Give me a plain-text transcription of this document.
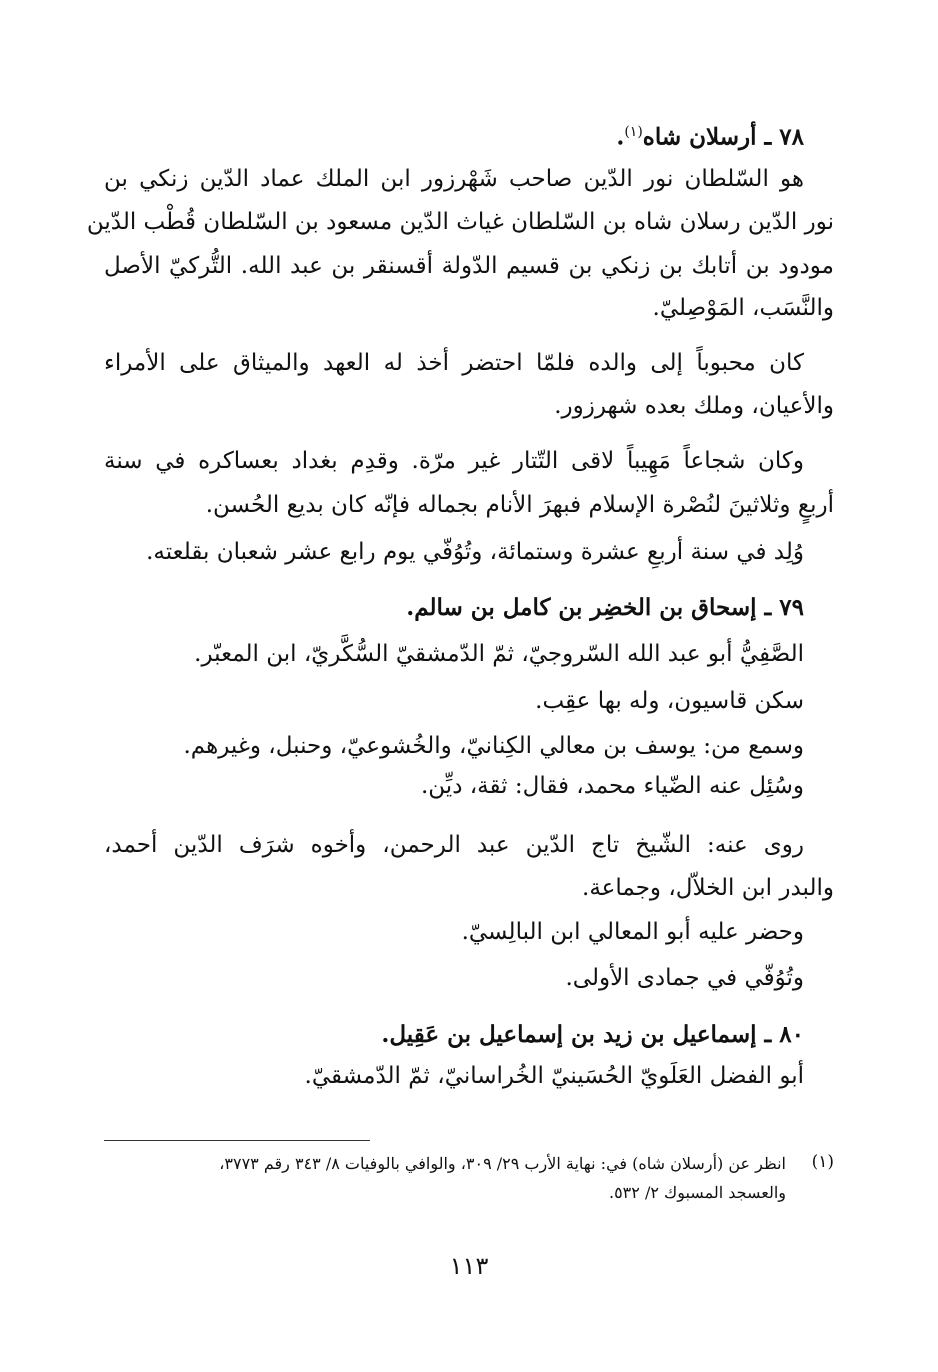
٧٨ ـ أرسلان شاه$^{(١)}$.
هو السّلطان نور الدّين صاحب شَهْرزور ابن الملك عماد الدّين زنكي بن
نور الدّين رسلان شاه بن السّلطان غياث الدّين مسعود بن السّلطان قُطْب الدّين
مودود بن أتابك بن زنكي بن قسيم الدّولة أقسنقر بن عبد الله. التُّركيّ الأصل
والنَّسَب، المَوْصِليّ.
كان محبوباً إلى والده فلمّا احتضر أخذ له العهد والميثاق على الأمراء
والأعيان، وملك بعده شهرزور.
وكان شجاعاً مَهِيباً لاقى التّتار غير مرّة. وقدِم بغداد بعساكره في سنة
أربعٍ وثلاثينَ لنُصْرة الإسلام فبهرَ الأنام بجماله فإنّه كان بديع الحُسن.
وُلِد في سنة أربعِ عشرة وستمائة، وتُوُفّي يوم رابع عشر شعبان بقلعته.
٧٩ ـ إسحاق بن الخضِر بن كامل بن سالم.
الصَّفِيُّ أبو عبد الله السّروجيّ، ثمّ الدّمشقيّ السُّكَّريّ، ابن المعبّر.
سكن قاسيون، وله بها عقِب.
وسمع من: يوسف بن معالي الكِنانيّ، والخُشوعيّ، وحنبل، وغيرهم.
وسُئِل عنه الضّياء محمد، فقال: ثقة، ديِّن.
روى عنه: الشّيخ تاج الدّين عبد الرحمن، وأخوه شرَف الدّين أحمد،
والبدر ابن الخلاّل، وجماعة.
وحضر عليه أبو المعالي ابن البالِسيّ.
وتُوُفّي في جمادى الأولى.
٨٠ ـ إسماعيل بن زيد بن إسماعيل بن عَقِيل.
أبو الفضل العَلَويّ الحُسَينيّ الخُراسانيّ، ثمّ الدّمشقيّ.
(١)
انظر عن (أرسلان شاه) في: نهاية الأرب ٢٩/ ٣٠٩، والوافي بالوفيات ٨/ ٣٤٣ رقم ٣٧٧٣،
والعسجد المسبوك ٢/ ٥٣٢.
١١٣
